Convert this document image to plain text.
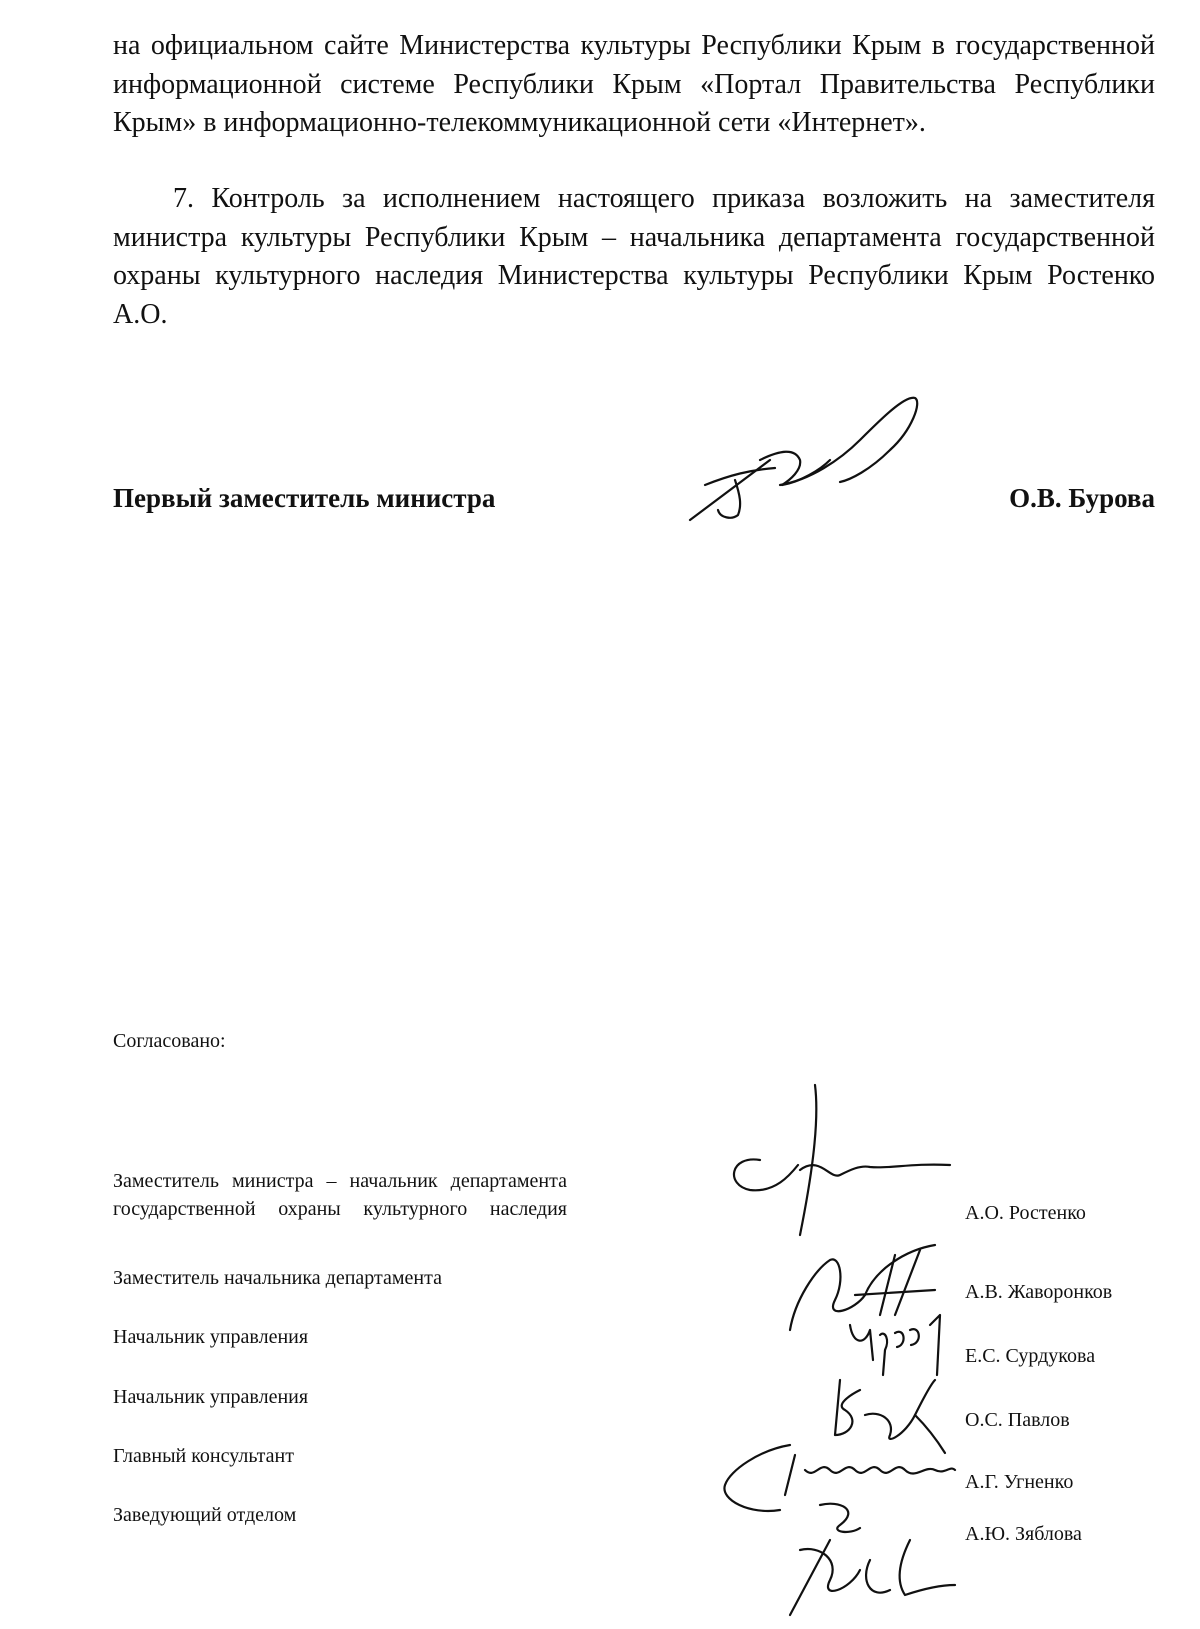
на официальном сайте Министерства культуры Республики Крым в государственной информационной системе Республики Крым «Портал Правительства Республики Крым» в информационно-телекоммуникационной сети «Интернет».

7. Контроль за исполнением настоящего приказа возложить на заместителя министра культуры Республики Крым – начальника департамента государственной охраны культурного наследия Министерства культуры Республики Крым Ростенко А.О.

Первый заместитель министра	О.В. Бурова
Согласовано:
Заместитель министра – начальник департамента государственной охраны культурного наследия
Заместитель начальника департамента
Начальник управления
Начальник управления
Главный консультант
Заведующий отделом
А.О. Ростенко
А.В. Жаворонков
Е.С. Сурдукова
О.С. Павлов
А.Г. Угненко
А.Ю. Зяблова
